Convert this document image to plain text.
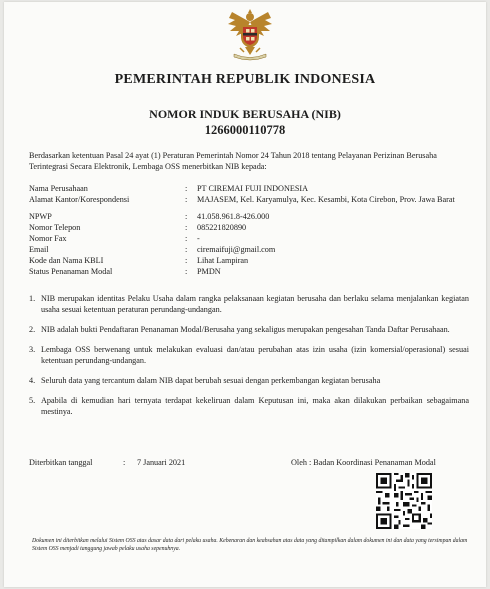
PEMERINTAH REPUBLIK INDONESIA
NOMOR INDUK BERUSAHA (NIB)
1266000110778
Berdasarkan ketentuan Pasal 24 ayat (1) Peraturan Pemerintah Nomor 24 Tahun 2018 tentang Pelayanan Perizinan Berusaha Terintegrasi Secara Elektronik, Lembaga OSS menerbitkan NIB kepada:
Nama Perusahaan	:	PT CIREMAI FUJI INDONESIA
Alamat Kantor/Korespondensi	:	MAJASEM, Kel. Karyamulya, Kec. Kesambi, Kota Cirebon, Prov. Jawa Barat
NPWP	:	41.058.961.8-426.000
Nomor Telepon	:	085221820890
Nomor Fax	:	-
Email	:	ciremaifuji@gmail.com
Kode dan Nama KBLI	:	Lihat Lampiran
Status Penanaman Modal	:	PMDN
1. NIB merupakan identitas Pelaku Usaha dalam rangka pelaksanaan kegiatan berusaha dan berlaku selama menjalankan kegiatan usaha sesuai ketentuan peraturan perundang-undangan.
2. NIB adalah bukti Pendaftaran Penanaman Modal/Berusaha yang sekaligus merupakan pengesahan Tanda Daftar Perusahaan.
3. Lembaga OSS berwenang untuk melakukan evaluasi dan/atau perubahan atas izin usaha (izin komersial/operasional) sesuai ketentuan perundang-undangan.
4. Seluruh data yang tercantum dalam NIB dapat berubah sesuai dengan perkembangan kegiatan berusaha
5. Apabila di kemudian hari ternyata terdapat kekeliruan dalam Keputusan ini, maka akan dilakukan perbaikan sebagaimana mestinya.
Diterbitkan tanggal	:	7 Januari 2021	Oleh : Badan Koordinasi Penanaman Modal
Dokumen ini diterbitkan melalui Sistem OSS atas dasar data dari pelaku usaha. Kebenaran dan keabsahan atas data yang ditampilkan dalam dokumen ini dan data yang tersimpan dalam Sistem OSS menjadi tanggung jawab pelaku usaha sepenuhnya.
